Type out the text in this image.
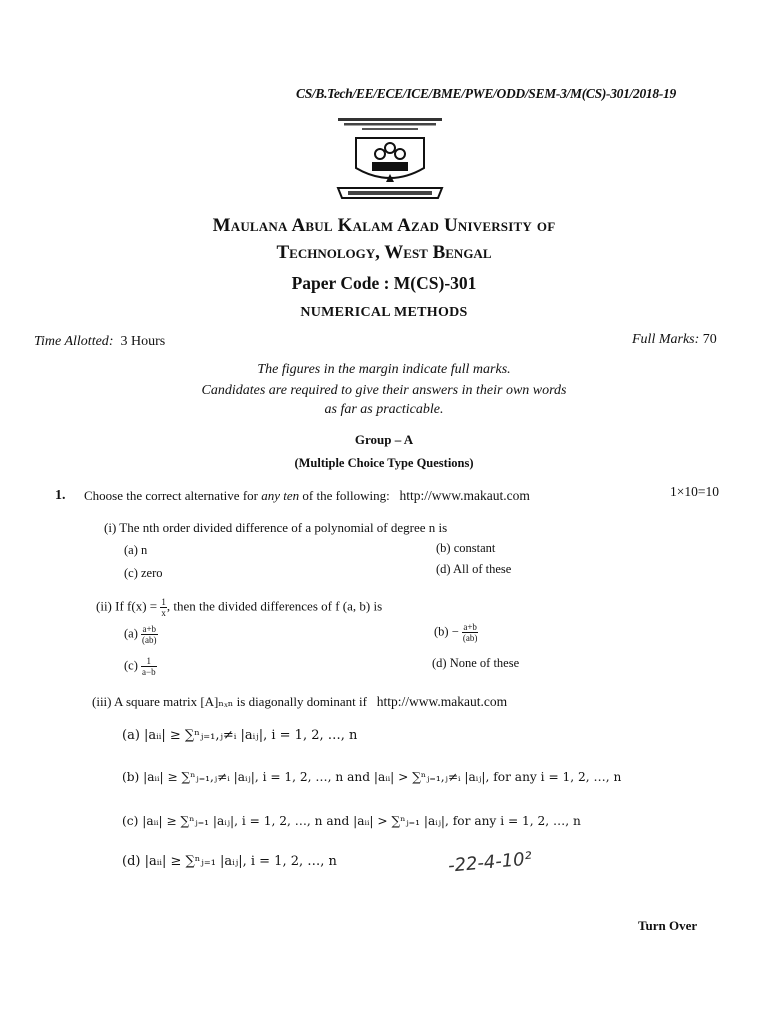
CS/B.Tech/EE/ECE/ICE/BME/PWE/ODD/SEM-3/M(CS)-301/2018-19
Maulana Abul Kalam Azad University of
Technology, West Bengal
Paper Code : M(CS)-301
NUMERICAL METHODS
Time Allotted: 3 Hours	Full Marks: 70
The figures in the margin indicate full marks.
Candidates are required to give their answers in their own words
as far as practicable.
Group – A
(Multiple Choice Type Questions)
1. Choose the correct alternative for any ten of the following: http://www.makaut.com	1×10=10
(i) The nth order divided difference of a polynomial of degree n is
(a) n	(b) constant
(c) zero	(d) All of these
(ii) If $f(x) = \frac{1}{x}$ , then the divided differences of f (a, b) is
$(a) \frac{a+b}{(ab)}$	$(b) - \frac{a+b}{(ab)}$
$(c) \frac{1}{a-b}$	(d) None of these
(iii) A square matrix [A]ₙₓₙ is diagonally dominant if http://www.makaut.com
(a) |aᵢᵢ| ≥ ∑ⁿⱼ₌₁,ⱼ≠ᵢ |aᵢⱼ|, i = 1, 2, …, n
(b) |aᵢᵢ| ≥ ∑ⁿⱼ₌₁,ⱼ≠ᵢ |aᵢⱼ|, i = 1, 2, …, n and |aᵢᵢ| > ∑ⁿⱼ₌₁,ⱼ≠ᵢ |aᵢⱼ|, for any i = 1, 2, …, n
(c) |aᵢᵢ| ≥ ∑ⁿⱼ₌₁ |aᵢⱼ|, i = 1, 2, …, n and |aᵢᵢ| > ∑ⁿⱼ₌₁ |aᵢⱼ|, for any i = 1, 2, …, n
(d) |aᵢᵢ| ≥ ∑ⁿⱼ₌₁ |aᵢⱼ|, i = 1, 2, …, n	-22-4-10²
Turn Over
